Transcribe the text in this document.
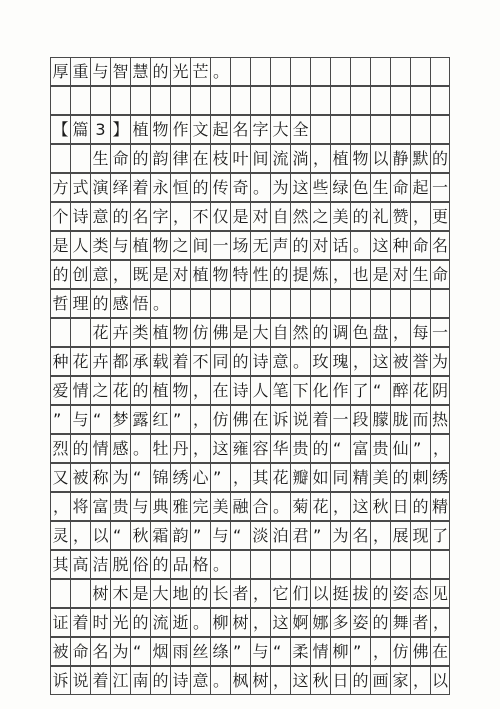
厚 重 与 智 慧 的 光 芒 。
【 篇 3 】 植 物 作 文 起 名 字 大 全
生 命 的 韵 律 在 枝 叶 间 流 淌 ， 植 物 以 静 默 的
方 式 演 绎 着 永 恒 的 传 奇 。 为 这 些 绿 色 生 命 起 一
个 诗 意 的 名 字 ， 不 仅 是 对 自 然 之 美 的 礼 赞 ， 更
是 人 类 与 植 物 之 间 一 场 无 声 的 对 话 。 这 种 命 名
的 创 意 ， 既 是 对 植 物 特 性 的 提 炼 ， 也 是 对 生 命
哲 理 的 感 悟 。
花 卉 类 植 物 仿 佛 是 大 自 然 的 调 色 盘 ， 每 一
种 花 卉 都 承 载 着 不 同 的 诗 意 。 玫 瑰 ， 这 被 誉 为
爱 情 之 花 的 植 物 ， 在 诗 人 笔 下 化 作 了 “ 醉 花 阴
” 与 “ 梦 露 红 ” ， 仿 佛 在 诉 说 着 一 段 朦 胧 而 热
烈 的 情 感 。 牡 丹 ， 这 雍 容 华 贵 的 “ 富 贵 仙 ” ，
又 被 称 为 “ 锦 绣 心 ” ， 其 花 瓣 如 同 精 美 的 刺 绣
， 将 富 贵 与 典 雅 完 美 融 合 。 菊 花 ， 这 秋 日 的 精
灵 ， 以 “ 秋 霜 韵 ” 与 “ 淡 泊 君 ” 为 名 ， 展 现 了
其 高 洁 脱 俗 的 品 格 。
树 木 是 大 地 的 长 者 ， 它 们 以 挺 拔 的 姿 态 见
证 着 时 光 的 流 逝 。 柳 树 ， 这 婀 娜 多 姿 的 舞 者 ，
被 命 名 为 “ 烟 雨 丝 绦 ” 与 “ 柔 情 柳 ” ， 仿 佛 在
诉 说 着 江 南 的 诗 意 。 枫 树 ， 这 秋 日 的 画 家 ， 以
